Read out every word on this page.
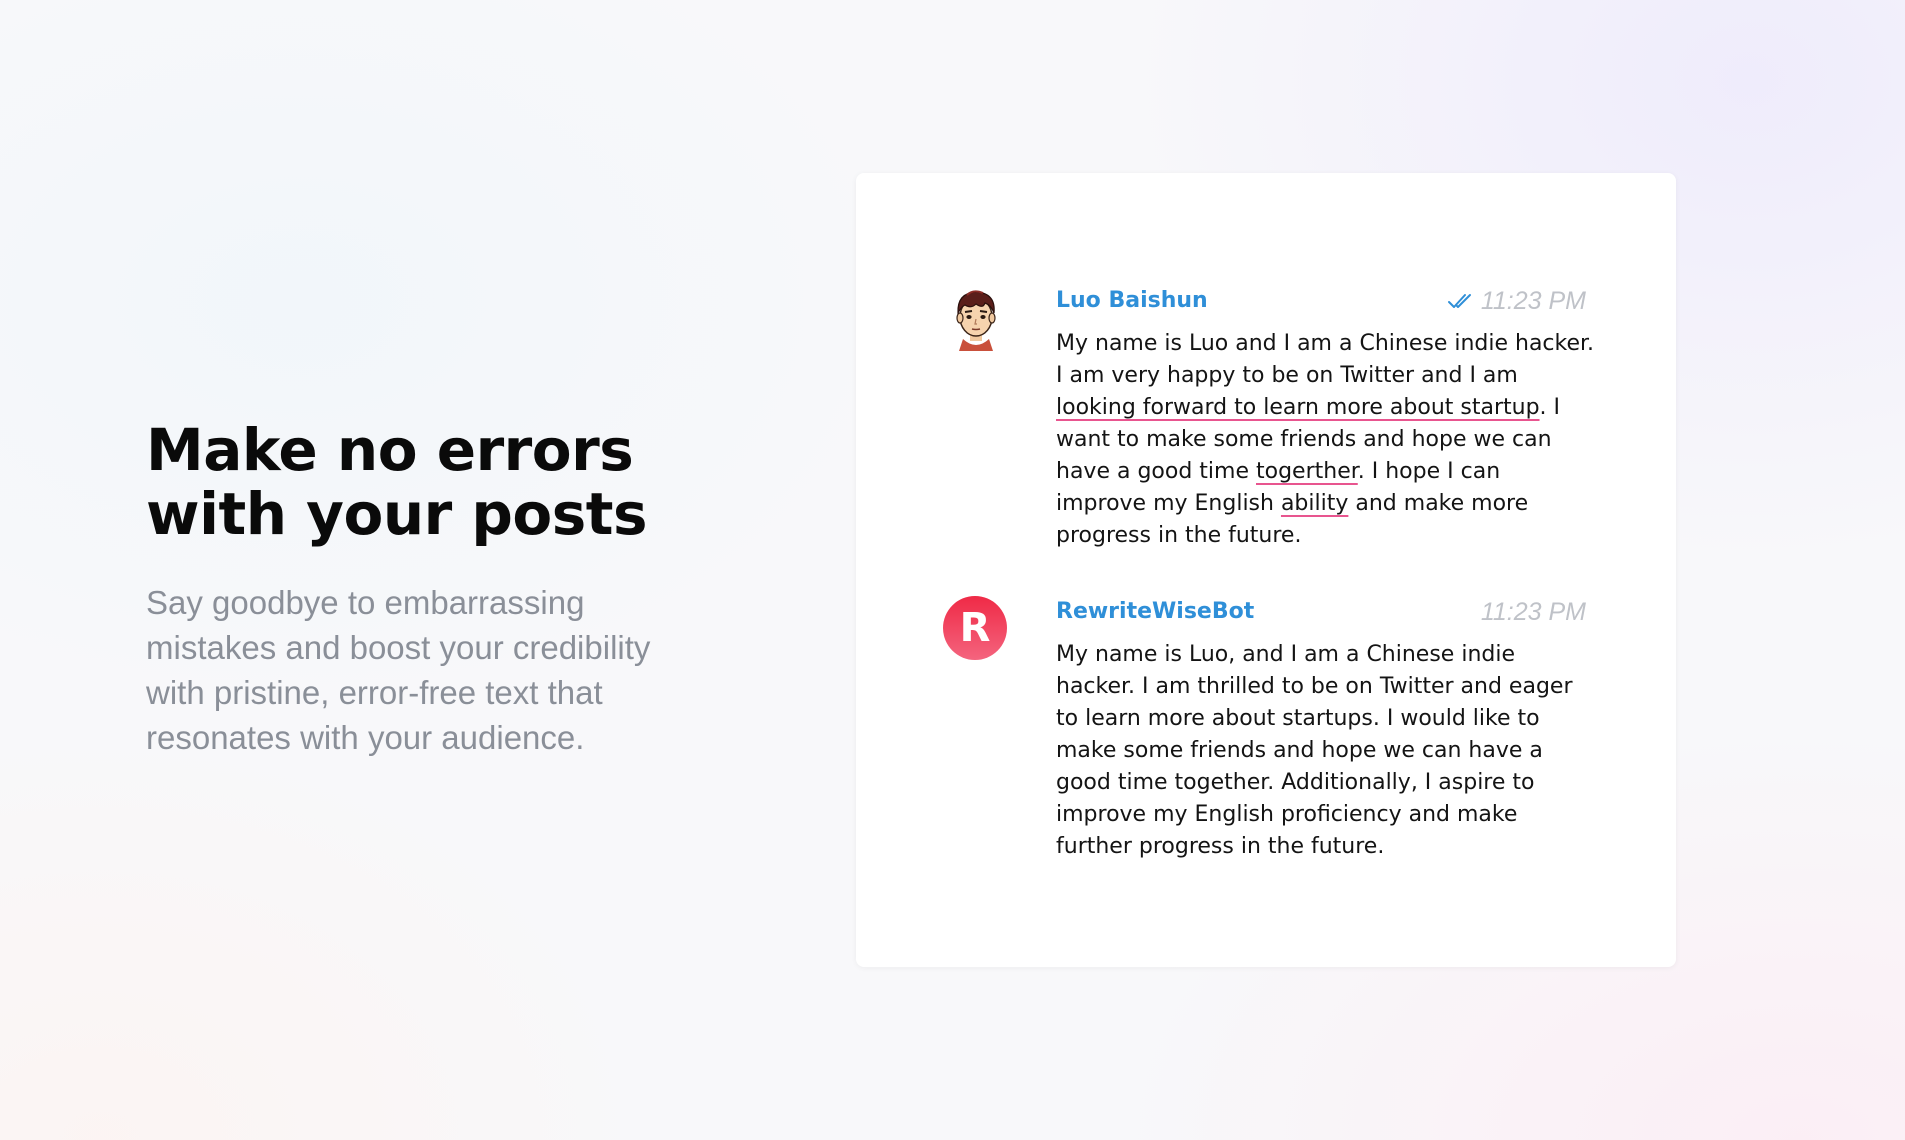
Make no errors
with your posts

Say goodbye to embarrassing mistakes and boost your credibility with pristine, error-free text that resonates with your audience.

Luo Baishun	11:23 PM
My name is Luo and I am a Chinese indie hacker. I am very happy to be on Twitter and I am looking forward to learn more about startup. I want to make some friends and hope we can have a good time togerther. I hope I can improve my English ability and make more progress in the future.
R	RewriteWiseBot	11:23 PM
My name is Luo, and I am a Chinese indie hacker. I am thrilled to be on Twitter and eager to learn more about startups. I would like to make some friends and hope we can have a good time together. Additionally, I aspire to improve my English proficiency and make further progress in the future.
